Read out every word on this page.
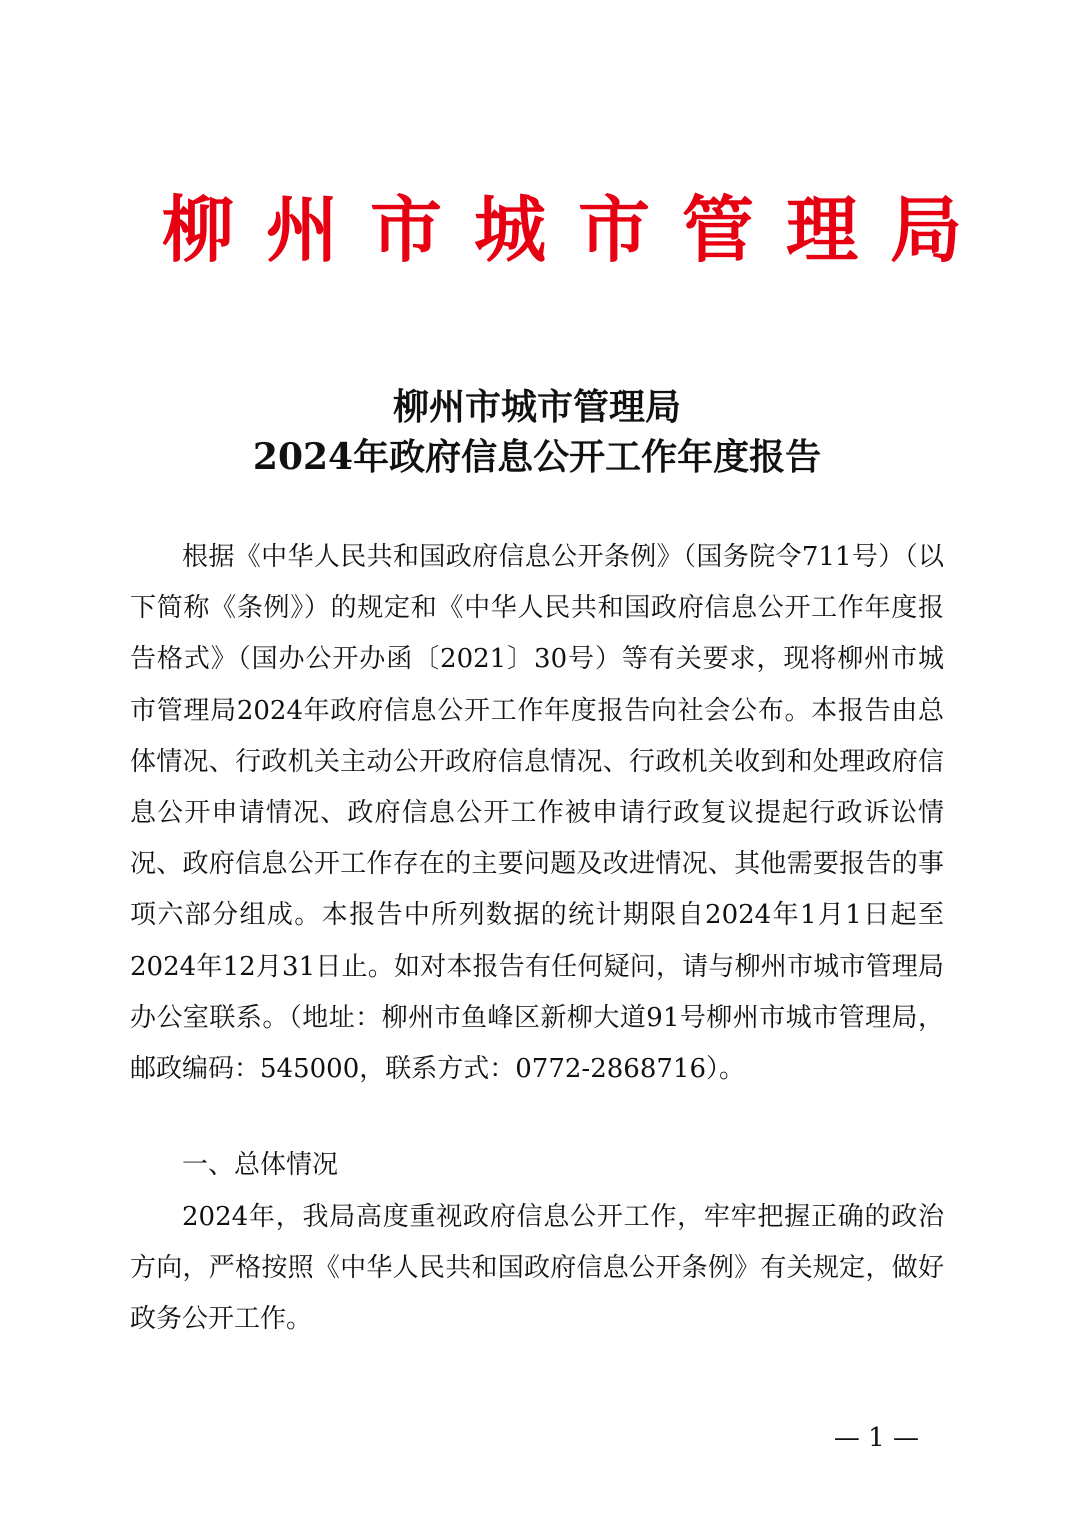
柳州市城市管理局
柳州市城市管理局
2024年政府信息公开工作年度报告

根据《中华人民共和国政府信息公开条例》（国务院令711号）（以下简称《条例》）的规定和《中华人民共和国政府信息公开工作年度报告格式》（国办公开办函〔2021〕30号）等有关要求，现将柳州市城市管理局2024年政府信息公开工作年度报告向社会公布。本报告由总体情况、行政机关主动公开政府信息情况、行政机关收到和处理政府信息公开申请情况、政府信息公开工作被申请行政复议提起行政诉讼情况、政府信息公开工作存在的主要问题及改进情况、其他需要报告的事项六部分组成。本报告中所列数据的统计期限自2024年1月1日起至2024年12月31日止。如对本报告有任何疑问，请与柳州市城市管理局办公室联系。（地址：柳州市鱼峰区新柳大道91号柳州市城市管理局，邮政编码：545000，联系方式：0772-2868716）。

一、总体情况

2024年，我局高度重视政府信息公开工作，牢牢把握正确的政治方向，严格按照《中华人民共和国政府信息公开条例》有关规定，做好政务公开工作。

— 1 —
